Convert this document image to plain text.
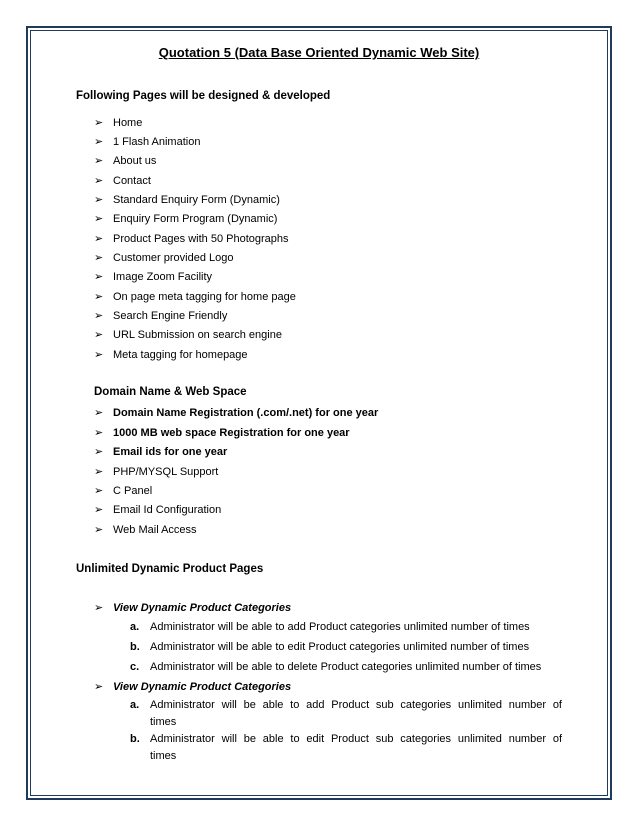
Quotation 5 (Data Base Oriented Dynamic Web Site)
Following Pages will be designed & developed
➢ Home
➢ 1 Flash Animation
➢ About us
➢ Contact
➢ Standard Enquiry Form (Dynamic)
➢ Enquiry Form Program (Dynamic)
➢ Product Pages with 50 Photographs
➢ Customer provided Logo
➢ Image Zoom Facility
➢ On page meta tagging for home page
➢ Search Engine Friendly
➢ URL Submission on search engine
➢ Meta tagging for homepage
Domain Name & Web Space
➢ Domain Name Registration (.com/.net) for one year
➢ 1000 MB web space Registration for one year
➢ Email ids for one year
➢ PHP/MYSQL Support
➢ C Panel
➢ Email Id Configuration
➢ Web Mail Access
Unlimited Dynamic Product Pages
➢ View Dynamic Product Categories
a. Administrator will be able to add Product categories unlimited number of times
b. Administrator will be able to edit Product categories unlimited number of times
c. Administrator will be able to delete Product categories unlimited number of times
➢ View Dynamic Product Categories
a. Administrator  will  be  able  to  add  Product  sub  categories  unlimited  number  of times
b. Administrator  will  be  able  to  edit  Product  sub  categories  unlimited  number  of times
